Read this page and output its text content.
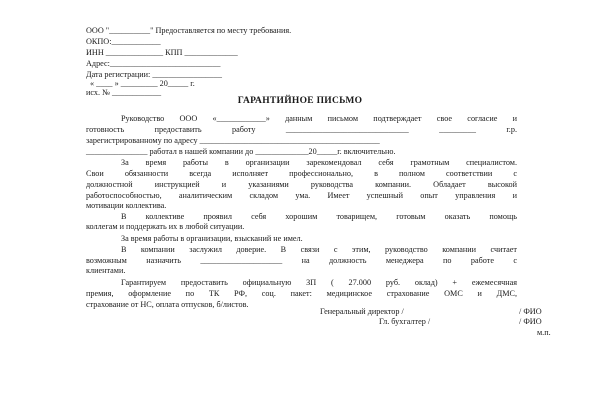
ООО "__________" Предоставляется по месту требования.
ОКПО:____________
ИНН ______________ КПП _____________
Адрес:___________________________
Дата регистрации: _________________
« ____ » _________ 20_____ г.
исх. № ____________
ГАРАНТИЙНОЕ ПИСЬМО
Руководство ООО «____________» данным письмом подтверждает свое согласие и
готовность предоставить работу ______________________________ _________ г.р.
зарегистрированному по адресу ____________________________________________
_______________ работал в нашей компании до _____________20_____г. включительно.
За время работы в организации зарекомендовал себя грамотным специалистом.
Свои обязанности всегда исполняет профессионально, в полном соответствии с
должностной инструкцией и указаниями руководства компании. Обладает высокой
работоспособностью, аналитическим складом ума. Имеет успешный опыт управления и
мотивации коллектива.
В коллективе проявил себя хорошим товарищем, готовым оказать помощь
коллегам и поддержать их в любой ситуации.
За время работы в организации, взысканий не имел.
В компании заслужил доверие. В связи с этим, руководство компании считает
возможным назначить ____________________ на должность менеджера по работе с
клиентами.
Гарантируем предоставить официальную ЗП ( 27.000 руб. оклад) + ежемесячная
премия, оформление по ТК РФ, соц. пакет: медицинское страхование ОМС и ДМС,
страхование от НС, оплата отпусков, б/листов.
Генеральный директор /	/ ФИО
Гл. бухгалтер /	/ ФИО
м.п.
